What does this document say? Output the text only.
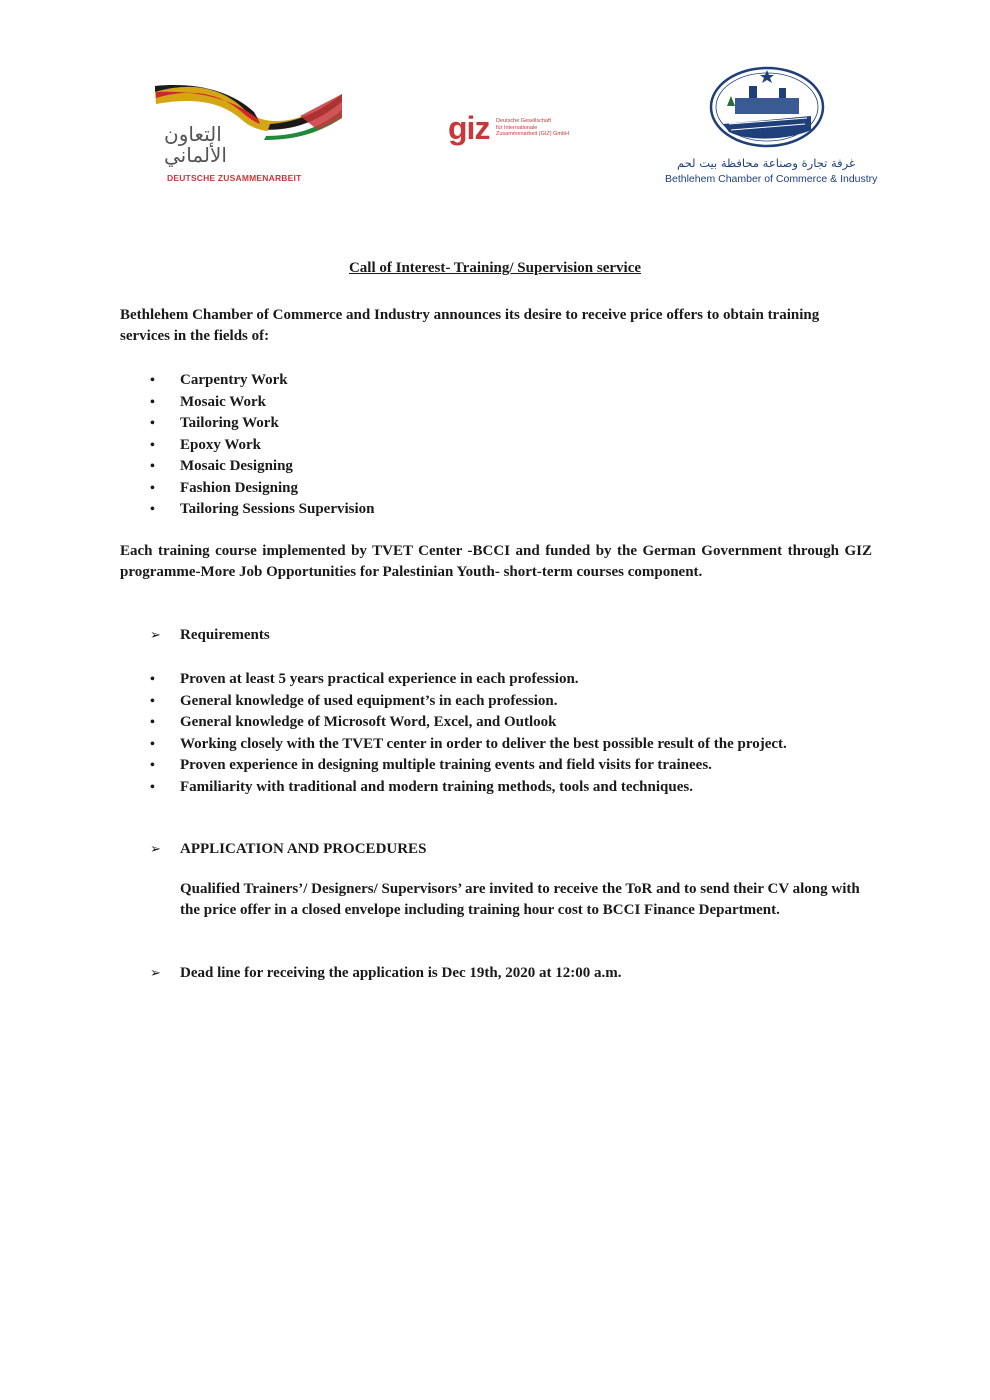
التعاون
الألماني
DEUTSCHE ZUSAMMENARBEIT
giz Deutsche Gesellschaft
für Internationale
Zusammenarbeit (GIZ) GmbH
غرفة تجارة وصناعة محافظة بيت لحم
Bethlehem Chamber of Commerce & Industry
Call of Interest- Training/ Supervision service
Bethlehem Chamber of Commerce and Industry announces its desire to receive price offers to obtain training services in the fields of:
• Carpentry Work
• Mosaic Work
• Tailoring Work
• Epoxy Work
• Mosaic Designing
• Fashion Designing
• Tailoring Sessions Supervision
Each training course implemented by TVET Center -BCCI and funded by the German Government through GIZ programme-More Job Opportunities for Palestinian Youth- short-term courses component.
➢ Requirements
• Proven at least 5 years practical experience in each profession.
• General knowledge of used equipment’s in each profession.
• General knowledge of Microsoft Word, Excel, and Outlook
• Working closely with the TVET center in order to deliver the best possible result of the project.
• Proven experience in designing multiple training events and field visits for trainees.
• Familiarity with traditional and modern training methods, tools and techniques.
➢ APPLICATION AND PROCEDURES
Qualified Trainers’/ Designers/ Supervisors’ are invited to receive the ToR and to send their CV along with the price offer in a closed envelope including training hour cost to BCCI Finance Department.
➢ Dead line for receiving the application is Dec 19th, 2020 at 12:00 a.m.
